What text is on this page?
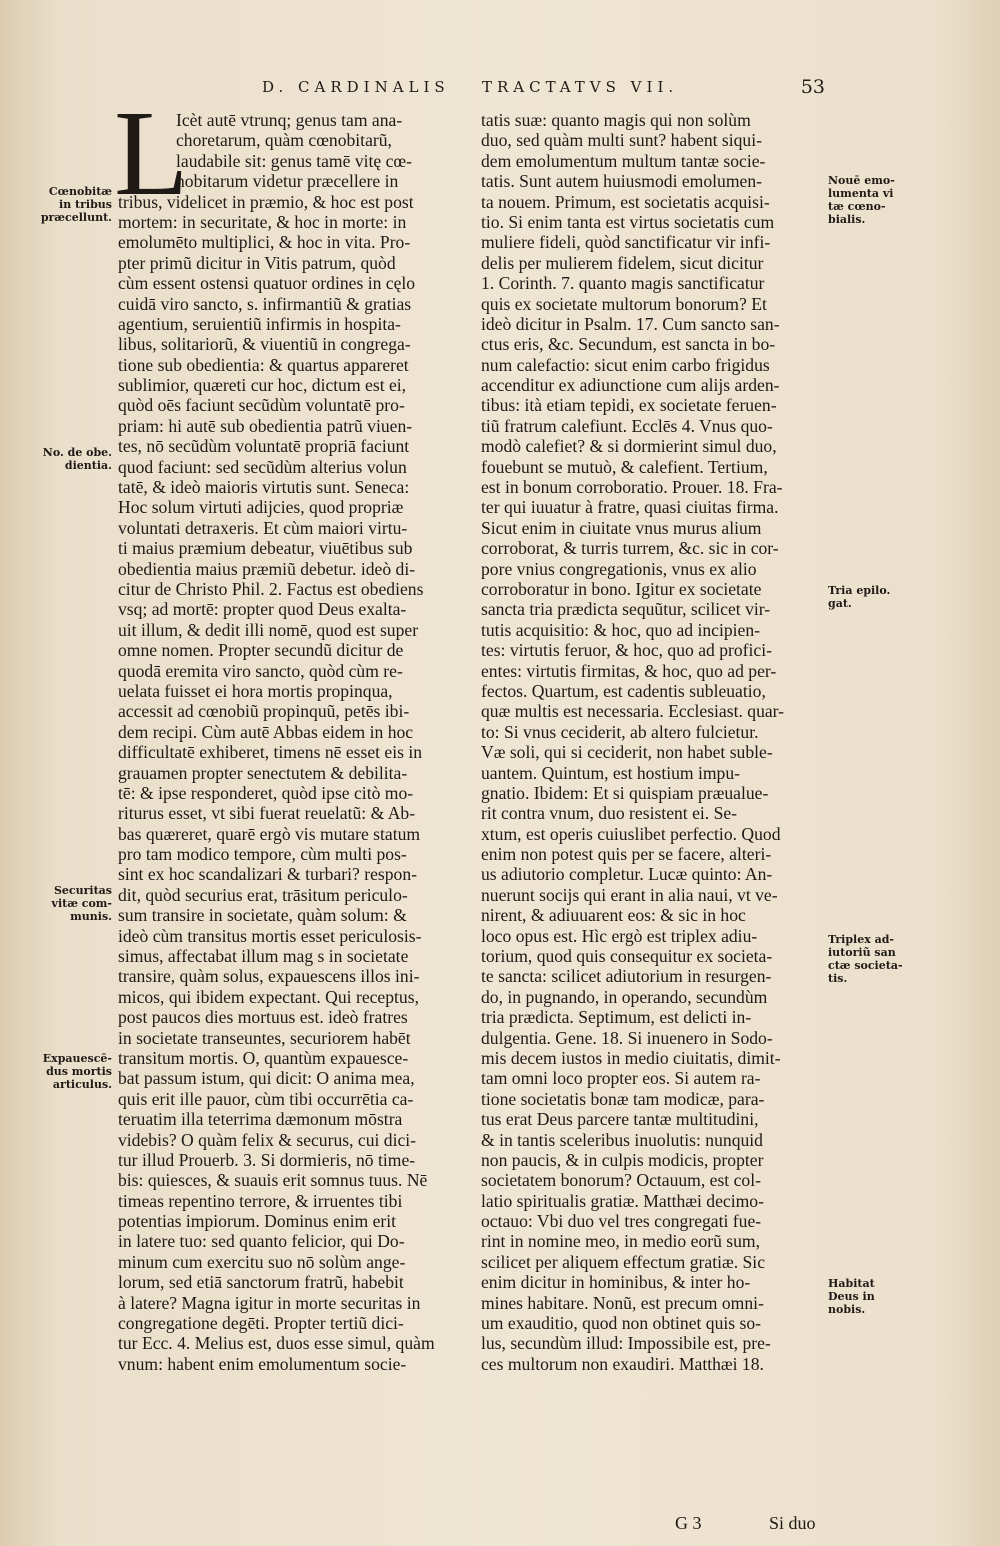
D. CARDINALIS TRACTATVS VII.	53
L
Icèt autē vtrunq; genus tam ana-
choretarum, quàm cœnobitarũ,
laudabile sit: genus tamē vitę cœ-
nobitarum videtur præcellere in
tribus, videlicet in præmio, & hoc est post
mortem: in securitate, & hoc in morte: in
emolumēto multiplici, & hoc in vita. Pro-
pter primũ dicitur in Vitis patrum, quòd
cùm essent ostensi quatuor ordines in cęlo
cuidā viro sancto, s. infirmantiũ & gratias
agentium, seruientiũ infirmis in hospita-
libus, solitariorũ, & viuentiũ in congrega-
tione sub obedientia: & quartus appareret
sublimior, quæreti cur hoc, dictum est ei,
quòd oēs faciunt secũdùm voluntatē pro-
priam: hi autē sub obedientia patrũ viuen-
tes, nō secũdùm voluntatē propriā faciunt
quod faciunt: sed secũdùm alterius volun
tatē, & ideò maioris virtutis sunt. Seneca:
Hoc solum virtuti adijcies, quod propriæ
voluntati detraxeris. Et cùm maiori virtu-
ti maius præmium debeatur, viuētibus sub
obedientia maius præmiũ debetur. ideò di-
citur de Christo Phil. 2. Factus est obediens
vsq; ad mortē: propter quod Deus exalta-
uit illum, & dedit illi nomē, quod est super
omne nomen. Propter secundũ dicitur de
quodā eremita viro sancto, quòd cùm re-
uelata fuisset ei hora mortis propinqua,
accessit ad cœnobiũ propinquũ, petēs ibi-
dem recipi. Cùm autē Abbas eidem in hoc
difficultatē exhiberet, timens nē esset eis in
grauamen propter senectutem & debilita-
tē: & ipse responderet, quòd ipse citò mo-
riturus esset, vt sibi fuerat reuelatũ: & Ab-
bas quæreret, quarē ergò vis mutare statum
pro tam modico tempore, cùm multi pos-
sint ex hoc scandalizari & turbari? respon-
dit, quòd securius erat, trāsitum periculo-
sum transire in societate, quàm solum: &
ideò cùm transitus mortis esset periculosis-
simus, affectabat illum mag s in societate
transire, quàm solus, expauescens illos ini-
micos, qui ibidem expectant. Qui receptus,
post paucos dies mortuus est. ideò fratres
in societate transeuntes, securiorem habēt
transitum mortis. O, quantùm expauesce-
bat passum istum, qui dicit: O anima mea,
quis erit ille pauor, cùm tibi occurrētia ca-
teruatim illa teterrima dæmonum mōstra
videbis? O quàm felix & securus, cui dici-
tur illud Prouerb. 3. Si dormieris, nō time-
bis: quiesces, & suauis erit somnus tuus. Nē
timeas repentino terrore, & irruentes tibi
potentias impiorum. Dominus enim erit
in latere tuo: sed quanto felicior, qui Do-
minum cum exercitu suo nō solùm ange-
lorum, sed etiā sanctorum fratrũ, habebit
à latere? Magna igitur in morte securitas in
congregatione degēti. Propter tertiũ dici-
tur Ecc. 4. Melius est, duos esse simul, quàm
vnum: habent enim emolumentum socie-
tatis suæ: quanto magis qui non solùm
duo, sed quàm multi sunt? habent siqui-
dem emolumentum multum tantæ socie-
tatis. Sunt autem huiusmodi emolumen-
ta nouem. Primum, est societatis acquisi-
tio. Si enim tanta est virtus societatis cum
muliere fideli, quòd sanctificatur vir infi-
delis per mulierem fidelem, sicut dicitur
1. Corinth. 7. quanto magis sanctificatur
quis ex societate multorum bonorum? Et
ideò dicitur in Psalm. 17. Cum sancto san-
ctus eris, &c. Secundum, est sancta in bo-
num calefactio: sicut enim carbo frigidus
accenditur ex adiunctione cum alijs arden-
tibus: ità etiam tepidi, ex societate feruen-
tiũ fratrum calefiunt. Ecclēs 4. Vnus quo-
modò calefiet? & si dormierint simul duo,
fouebunt se mutuò, & calefient. Tertium,
est in bonum corroboratio. Prouer. 18. Fra-
ter qui iuuatur à fratre, quasi ciuitas firma.
Sicut enim in ciuitate vnus murus alium
corroborat, & turris turrem, &c. sic in cor-
pore vnius congregationis, vnus ex alio
corroboratur in bono. Igitur ex societate
sancta tria prædicta sequũtur, scilicet vir-
tutis acquisitio: & hoc, quo ad incipien-
tes: virtutis feruor, & hoc, quo ad profici-
entes: virtutis firmitas, & hoc, quo ad per-
fectos. Quartum, est cadentis subleuatio,
quæ multis est necessaria. Ecclesiast. quar-
to: Si vnus ceciderit, ab altero fulcietur.
Væ soli, qui si ceciderit, non habet suble-
uantem. Quintum, est hostium impu-
gnatio. Ibidem: Et si quispiam præualue-
rit contra vnum, duo resistent ei. Se-
xtum, est operis cuiuslibet perfectio. Quod
enim non potest quis per se facere, alteri-
us adiutorio completur. Lucæ quinto: An-
nuerunt socijs qui erant in alia naui, vt ve-
nirent, & adiuuarent eos: & sic in hoc
loco opus est. Hìc ergò est triplex adiu-
torium, quod quis consequitur ex societa-
te sancta: scilicet adiutorium in resurgen-
do, in pugnando, in operando, secundùm
tria prædicta. Septimum, est delicti in-
dulgentia. Gene. 18. Si inuenero in Sodo-
mis decem iustos in medio ciuitatis, dimit-
tam omni loco propter eos. Si autem ra-
tione societatis bonæ tam modicæ, para-
tus erat Deus parcere tantæ multitudini,
& in tantis sceleribus inuolutis: nunquid
non paucis, & in culpis modicis, propter
societatem bonorum? Octauum, est col-
latio spiritualis gratiæ. Matthæi decimo-
octauo: Vbi duo vel tres congregati fue-
rint in nomine meo, in medio eorũ sum,
scilicet per aliquem effectum gratiæ. Sic
enim dicitur in hominibus, & inter ho-
mines habitare. Nonũ, est precum omni-
um exauditio, quod non obtinet quis so-
lus, secundùm illud: Impossibile est, pre-
ces multorum non exaudiri. Matthæi 18.
Cœnobitæ
in tribus
præcellunt.
No. de obe.
dientia.
Securitas
vitæ com-
munis.
Expauescē-
dus mortis
articulus.
Nouē emo-
lumenta vi
tæ cœno-
bialis.
Tria epilo.
gat.
Triplex ad-
iutoriũ san
ctæ societa-
tis.
Habitat
Deus in
nobis.
G 3	Si duo
